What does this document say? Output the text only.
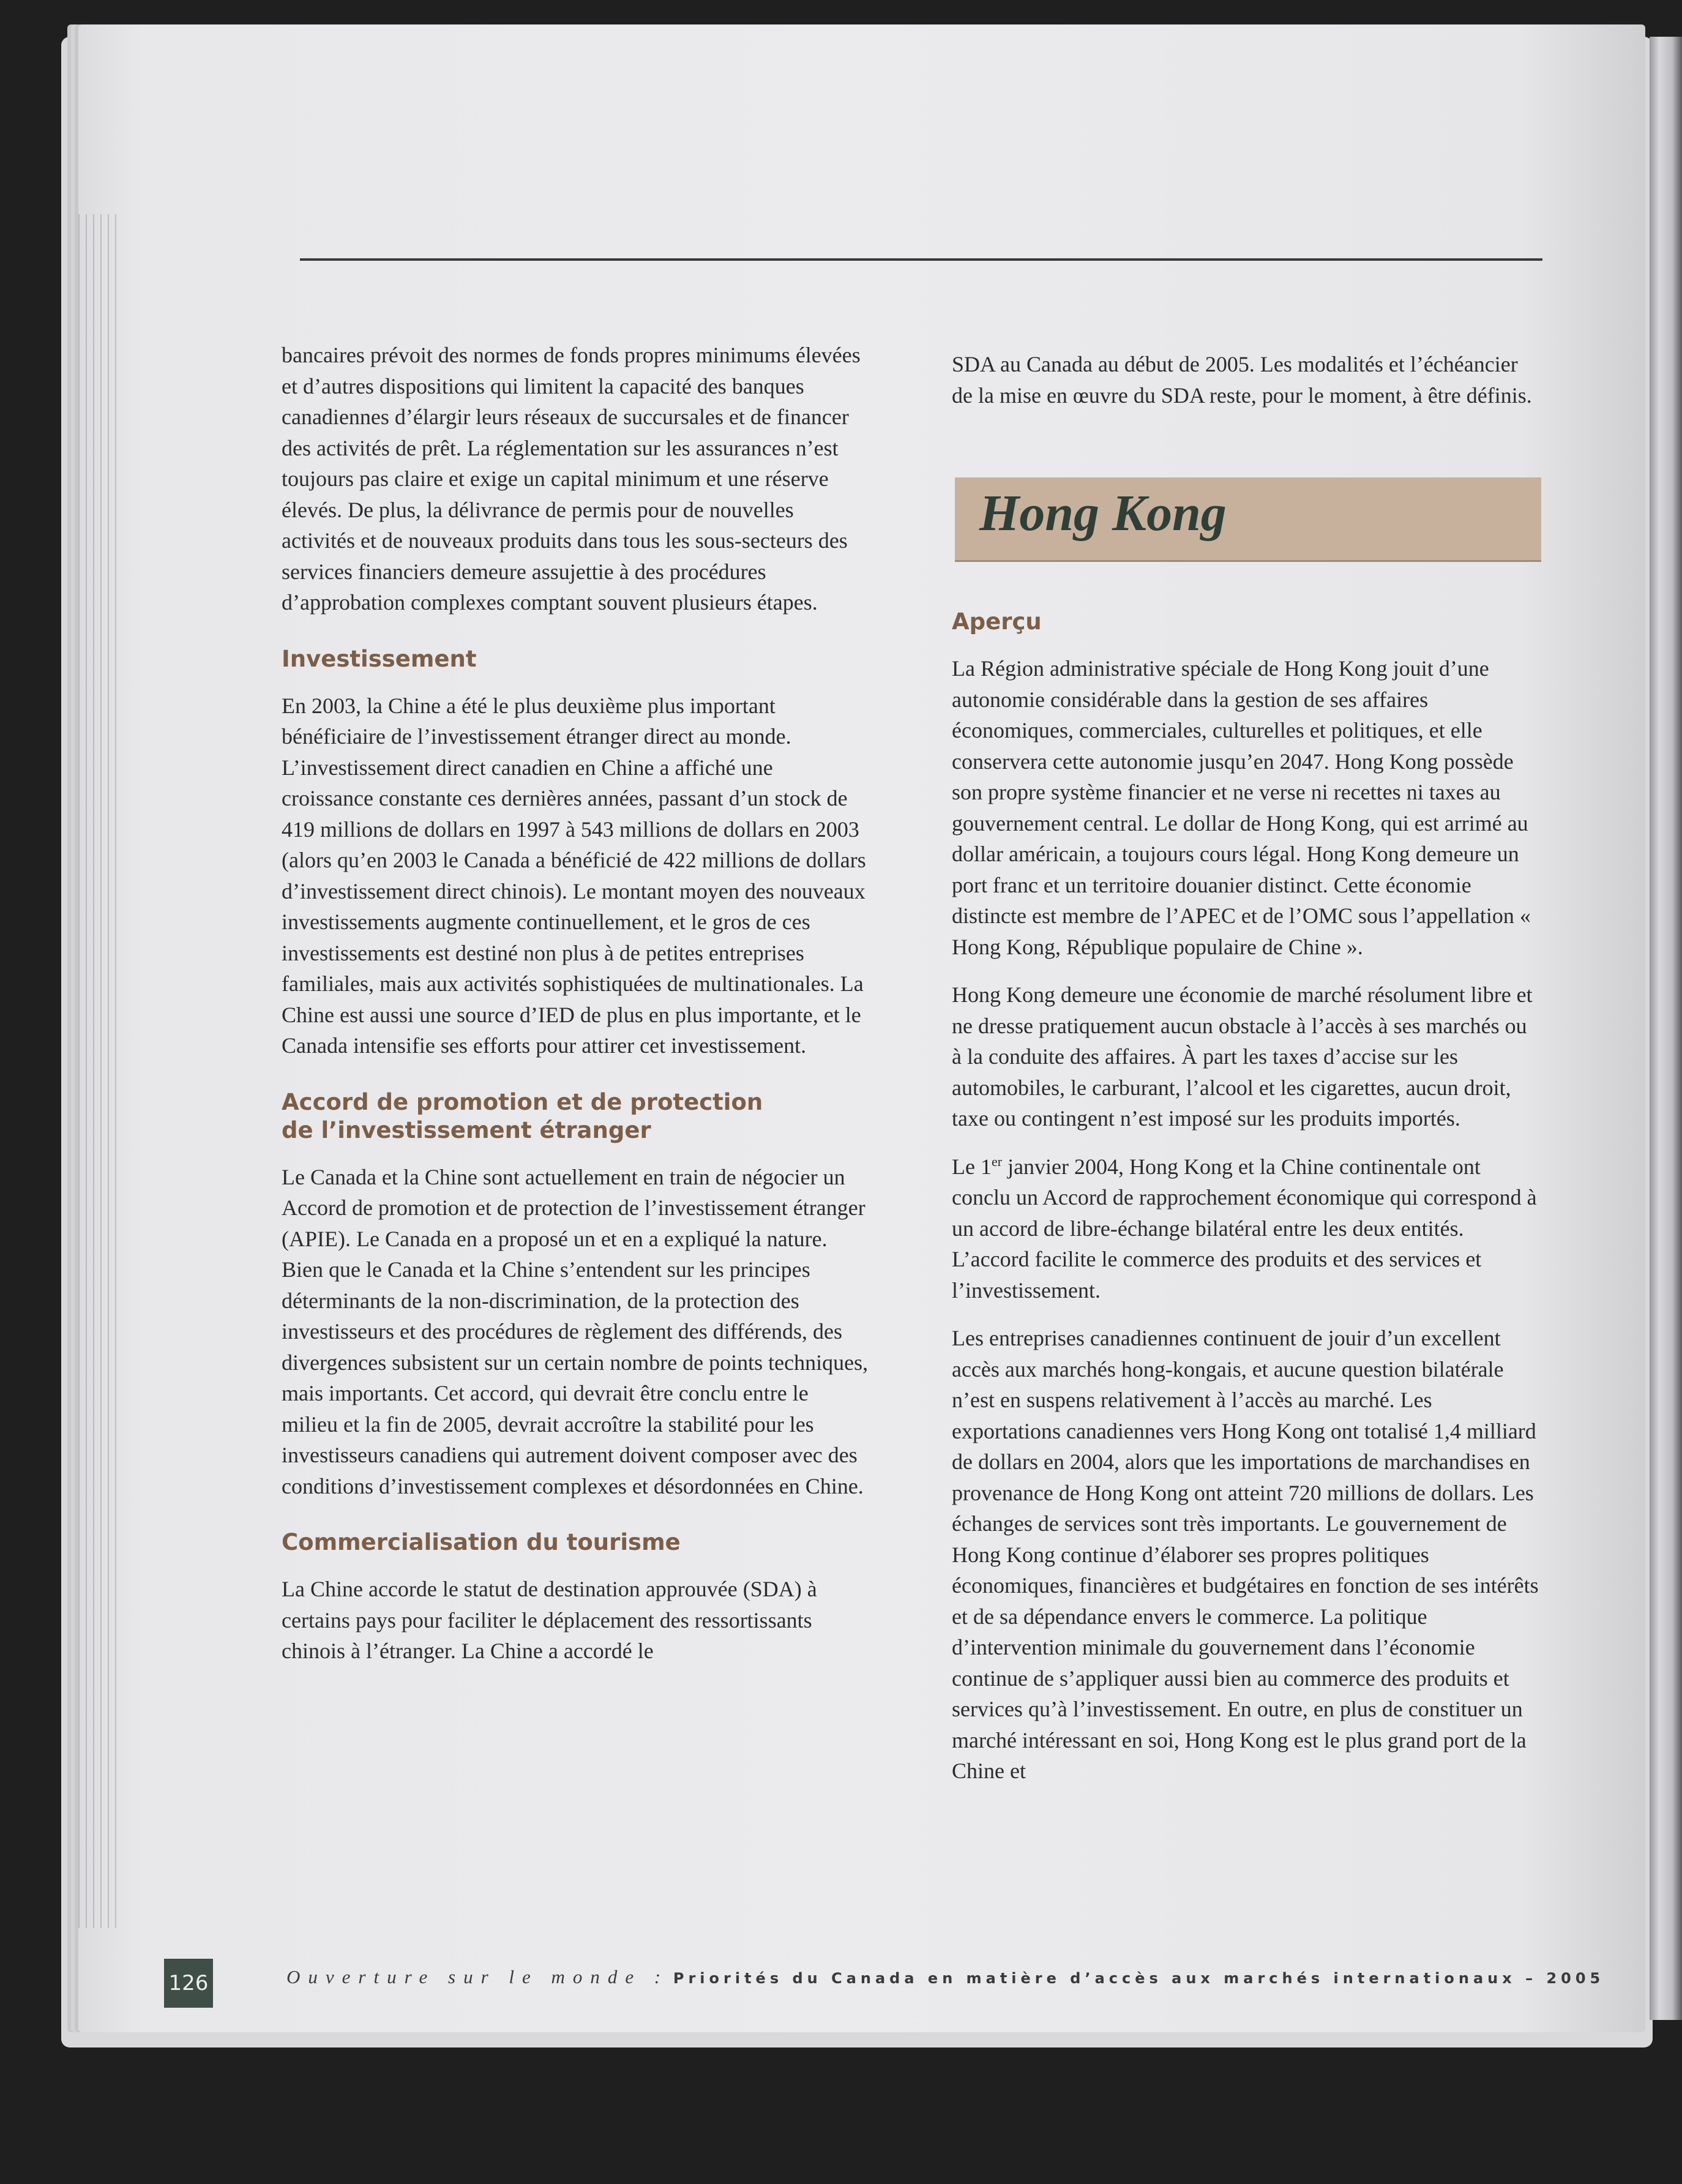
bancaires prévoit des normes de fonds propres minimums élevées et d’autres dispositions qui limitent la capacité des banques canadiennes d’élargir leurs réseaux de succursales et de financer des activités de prêt. La réglementation sur les assurances n’est toujours pas claire et exige un capital minimum et une réserve élevés. De plus, la délivrance de permis pour de nouvelles activités et de nouveaux produits dans tous les sous-secteurs des services financiers demeure assujettie à des procédures d’approbation complexes comptant souvent plusieurs étapes.

Investissement

En 2003, la Chine a été le plus deuxième plus important bénéficiaire de l’investissement étranger direct au monde. L’investissement direct canadien en Chine a affiché une croissance constante ces dernières années, passant d’un stock de 419 millions de dollars en 1997 à 543 millions de dollars en 2003 (alors qu’en 2003 le Canada a bénéficié de 422 millions de dollars d’investissement direct chinois). Le montant moyen des nouveaux investissements augmente continuellement, et le gros de ces investissements est destiné non plus à de petites entreprises familiales, mais aux activités sophistiquées de multinationales. La Chine est aussi une source d’IED de plus en plus importante, et le Canada intensifie ses efforts pour attirer cet investissement.

Accord de promotion et de protection
de l’investissement étranger

Le Canada et la Chine sont actuellement en train de négocier un Accord de promotion et de protection de l’investissement étranger (APIE). Le Canada en a proposé un et en a expliqué la nature. Bien que le Canada et la Chine s’entendent sur les principes déterminants de la non-discrimination, de la protection des investisseurs et des procédures de règlement des différends, des divergences subsistent sur un certain nombre de points techniques, mais importants. Cet accord, qui devrait être conclu entre le milieu et la fin de 2005, devrait accroître la stabilité pour les investisseurs canadiens qui autrement doivent composer avec des conditions d’investissement complexes et désordonnées en Chine.

Commercialisation du tourisme

La Chine accorde le statut de destination approuvée (SDA) à certains pays pour faciliter le déplacement des ressortissants chinois à l’étranger. La Chine a accordé le

SDA au Canada au début de 2005. Les modalités et l’échéancier de la mise en œuvre du SDA reste, pour le moment, à être définis.

Aperçu

La Région administrative spéciale de Hong Kong jouit d’une autonomie considérable dans la gestion de ses affaires économiques, commerciales, culturelles et politiques, et elle conservera cette autonomie jusqu’en 2047. Hong Kong possède son propre système financier et ne verse ni recettes ni taxes au gouvernement central. Le dollar de Hong Kong, qui est arrimé au dollar américain, a toujours cours légal. Hong Kong demeure un port franc et un territoire douanier distinct. Cette économie distincte est membre de l’APEC et de l’OMC sous l’appellation « Hong Kong, République populaire de Chine ».

Hong Kong demeure une économie de marché résolument libre et ne dresse pratiquement aucun obstacle à l’accès à ses marchés ou à la conduite des affaires. À part les taxes d’accise sur les automobiles, le carburant, l’alcool et les cigarettes, aucun droit, taxe ou contingent n’est imposé sur les produits importés.

Le 1er janvier 2004, Hong Kong et la Chine continentale ont conclu un Accord de rapprochement économique qui correspond à un accord de libre-échange bilatéral entre les deux entités. L’accord facilite le commerce des produits et des services et l’investissement.

Les entreprises canadiennes continuent de jouir d’un excellent accès aux marchés hong-kongais, et aucune question bilatérale n’est en suspens relativement à l’accès au marché. Les exportations canadiennes vers Hong Kong ont totalisé 1,4 milliard de dollars en 2004, alors que les importations de marchandises en provenance de Hong Kong ont atteint 720 millions de dollars. Les échanges de services sont très importants. Le gouvernement de Hong Kong continue d’élaborer ses propres politiques économiques, financières et budgétaires en fonction de ses intérêts et de sa dépendance envers le commerce. La politique d’intervention minimale du gouvernement dans l’économie continue de s’appliquer aussi bien au commerce des produits et services qu’à l’investissement. En outre, en plus de constituer un marché intéressant en soi, Hong Kong est le plus grand port de la Chine et

Hong Kong
126	Ouverture sur le monde : Priorités du Canada en matière d’accès aux marchés internationaux – 2005
